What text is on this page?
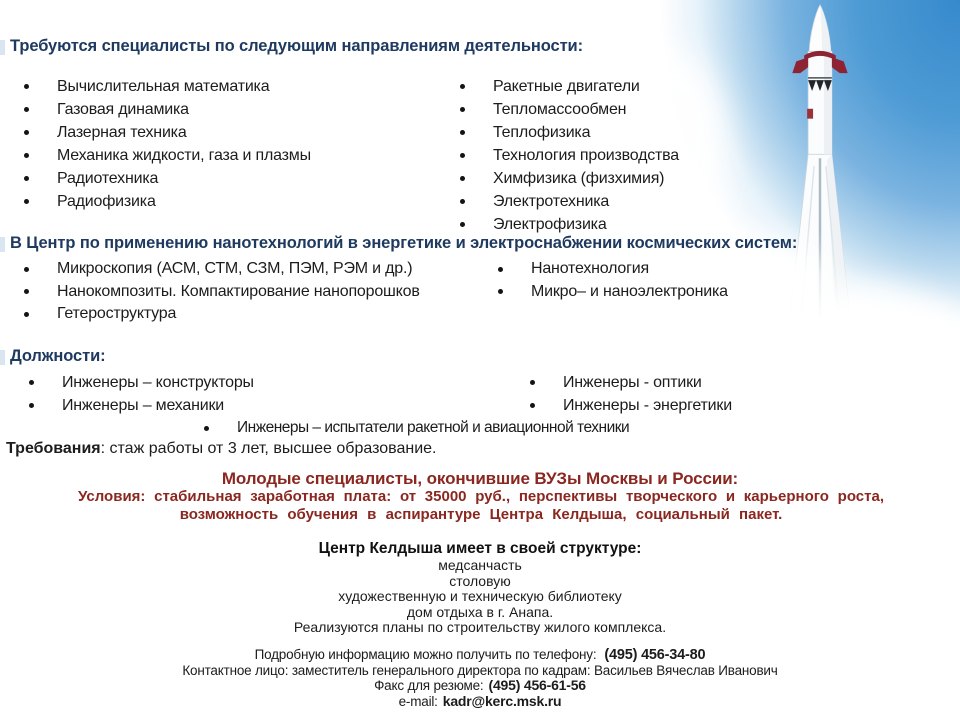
Требуются специалисты по следующим направлениям деятельности:
Вычислительная математика
Газовая динамика
Лазерная техника
Механика жидкости, газа и плазмы
Радиотехника
Радиофизика
Ракетные двигатели
Тепломассообмен
Теплофизика
Технология производства
Химфизика (физхимия)
Электротехника
Электрофизика
В Центр по применению нанотехнологий в энергетике и электроснабжении космических систем:
Микроскопия (АСМ, СТМ, СЗМ, ПЭМ, РЭМ и др.)
Нанокомпозиты. Компактирование нанопорошков
Гетероструктура
Нанотехнология
Микро– и наноэлектроника
Должности:
Инженеры – конструкторы
Инженеры – механики
Инженеры - оптики
Инженеры - энергетики
Инженеры – испытатели ракетной и авиационной техники
Требования: стаж работы от 3 лет, высшее образование.
Молодые специалисты, окончившие ВУЗы Москвы и России:
Условия: стабильная заработная плата: от 35000 руб., перспективы творческого и карьерного роста,
возможность обучения в аспирантуре Центра Келдыша, социальный пакет.
Центр Келдыша имеет в своей структуре:
медсанчасть
столовую
художественную и техническую библиотеку
дом отдыха в г. Анапа.
Реализуются планы по строительству жилого комплекса.
Подробную информацию можно получить по телефону: (495) 456-34-80
Контактное лицо: заместитель генерального директора по кадрам: Васильев Вячеслав Иванович
Факс для резюме: (495) 456-61-56
e-mail: kadr@kerc.msk.ru
